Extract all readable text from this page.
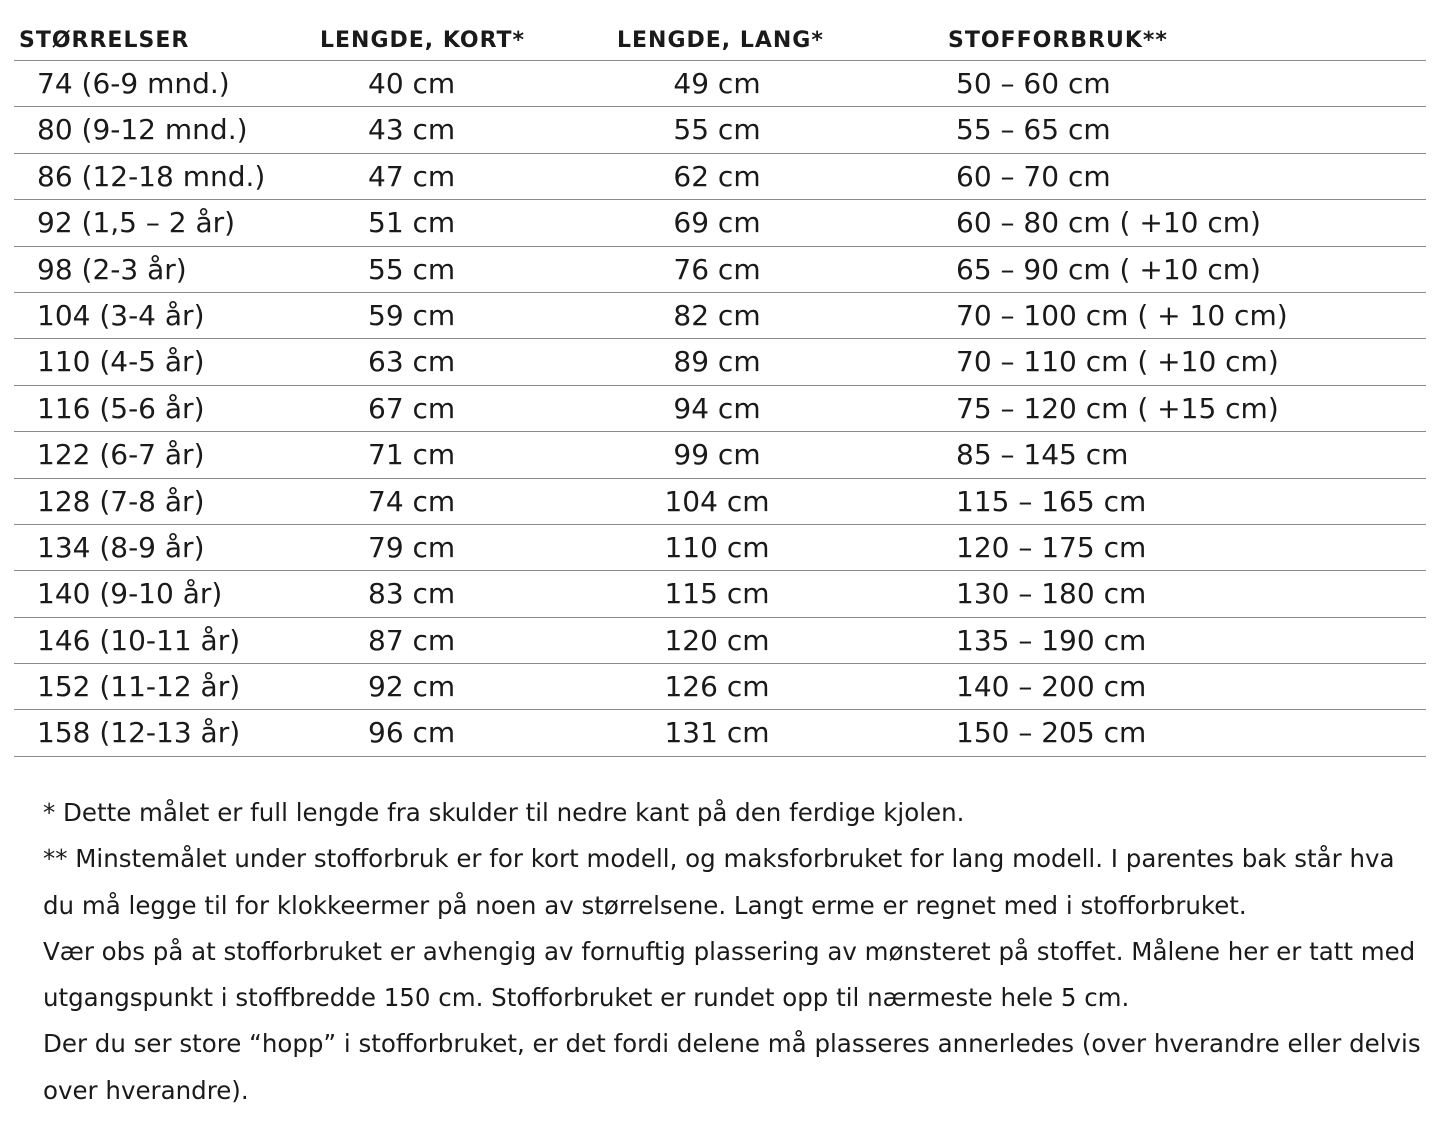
STØRRELSER	LENGDE, KORT*	LENGDE, LANG*	STOFFORBRUK**
74 (6-9 mnd.)	40 cm	49 cm	50 – 60 cm
80 (9-12 mnd.)	43 cm	55 cm	55 – 65 cm
86 (12-18 mnd.)	47 cm	62 cm	60 – 70 cm
92 (1,5 – 2 år)	51 cm	69 cm	60 – 80 cm ( +10 cm)
98 (2-3 år)	55 cm	76 cm	65 – 90 cm ( +10 cm)
104 (3-4 år)	59 cm	82 cm	70 – 100 cm ( + 10 cm)
110 (4-5 år)	63 cm	89 cm	70 – 110 cm ( +10 cm)
116 (5-6 år)	67 cm	94 cm	75 – 120 cm ( +15 cm)
122 (6-7 år)	71 cm	99 cm	85 – 145 cm
128 (7-8 år)	74 cm	104 cm	115 – 165 cm
134 (8-9 år)	79 cm	110 cm	120 – 175 cm
140 (9-10 år)	83 cm	115 cm	130 – 180 cm
146 (10-11 år)	87 cm	120 cm	135 – 190 cm
152 (11-12 år)	92 cm	126 cm	140 – 200 cm
158 (12-13 år)	96 cm	131 cm	150 – 205 cm

* Dette målet er full lengde fra skulder til nedre kant på den ferdige kjolen.

** Minstemålet under stofforbruk er for kort modell, og maksforbruket for lang modell. I parentes bak står hva du må legge til for klokkeermer på noen av størrelsene. Langt erme er regnet med i stofforbruket.

Vær obs på at stofforbruket er avhengig av fornuftig plassering av mønsteret på stoffet. Målene her er tatt med utgangspunkt i stoffbredde 150 cm. Stofforbruket er rundet opp til nærmeste hele 5 cm.

Der du ser store “hopp” i stofforbruket, er det fordi delene må plasseres annerledes (over hverandre eller delvis over hverandre).
